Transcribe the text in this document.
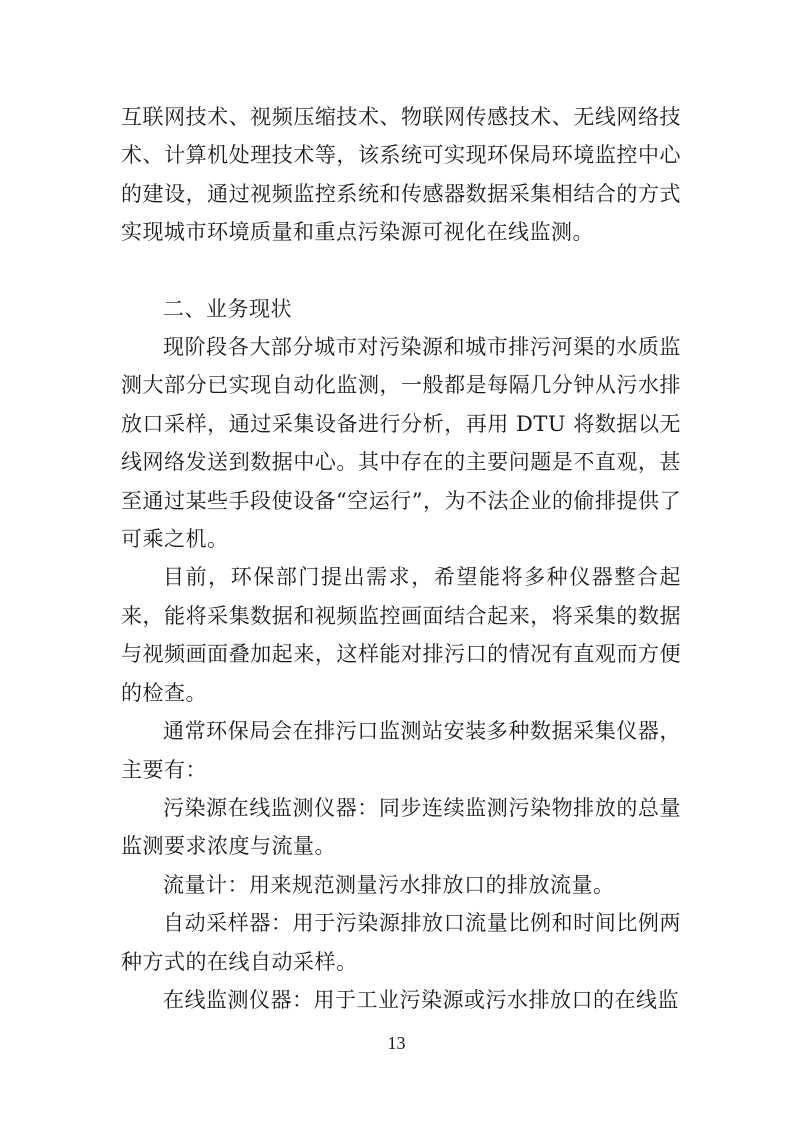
互联网技术、视频压缩技术、物联网传感技术、无线网络技术、计算机处理技术等，该系统可实现环保局环境监控中心的建设，通过视频监控系统和传感器数据采集相结合的方式实现城市环境质量和重点污染源可视化在线监测。

二、业务现状

现阶段各大部分城市对污染源和城市排污河渠的水质监测大部分已实现自动化监测，一般都是每隔几分钟从污水排放口采样，通过采集设备进行分析，再用 DTU 将数据以无线网络发送到数据中心。其中存在的主要问题是不直观，甚至通过某些手段使设备“空运行”，为不法企业的偷排提供了可乘之机。

目前，环保部门提出需求，希望能将多种仪器整合起来，能将采集数据和视频监控画面结合起来，将采集的数据与视频画面叠加起来，这样能对排污口的情况有直观而方便的检查。

通常环保局会在排污口监测站安装多种数据采集仪器，主要有：

污染源在线监测仪器：同步连续监测污染物排放的总量监测要求浓度与流量。

流量计：用来规范测量污水排放口的排放流量。

自动采样器：用于污染源排放口流量比例和时间比例两种方式的在线自动采样。

在线监测仪器：用于工业污染源或污水排放口的在线监

13
